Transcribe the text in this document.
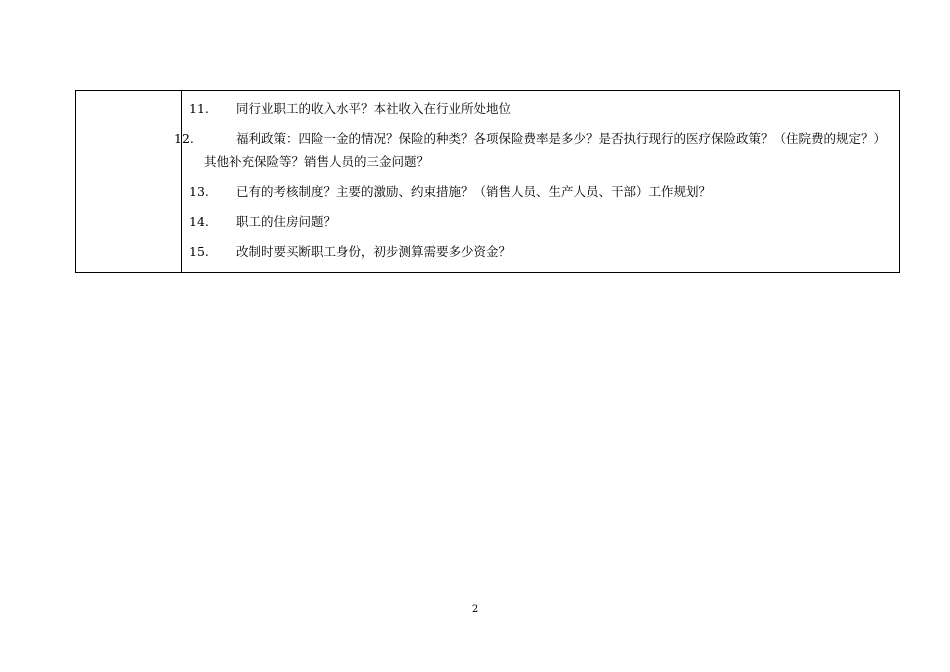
11. 同行业职工的收入水平？本社收入在行业所处地位
12.	福利政策：四险一金的情况？保险的种类？各项保险费率是多少？是否执行现行的医疗保险政策？（住院费的规定？）其他补充保险等？销售人员的三金问题？
13. 已有的考核制度？主要的激励、约束措施？（销售人员、生产人员、干部）工作规划？
14. 职工的住房问题？
15. 改制时要买断职工身份，初步测算需要多少资金？
2
